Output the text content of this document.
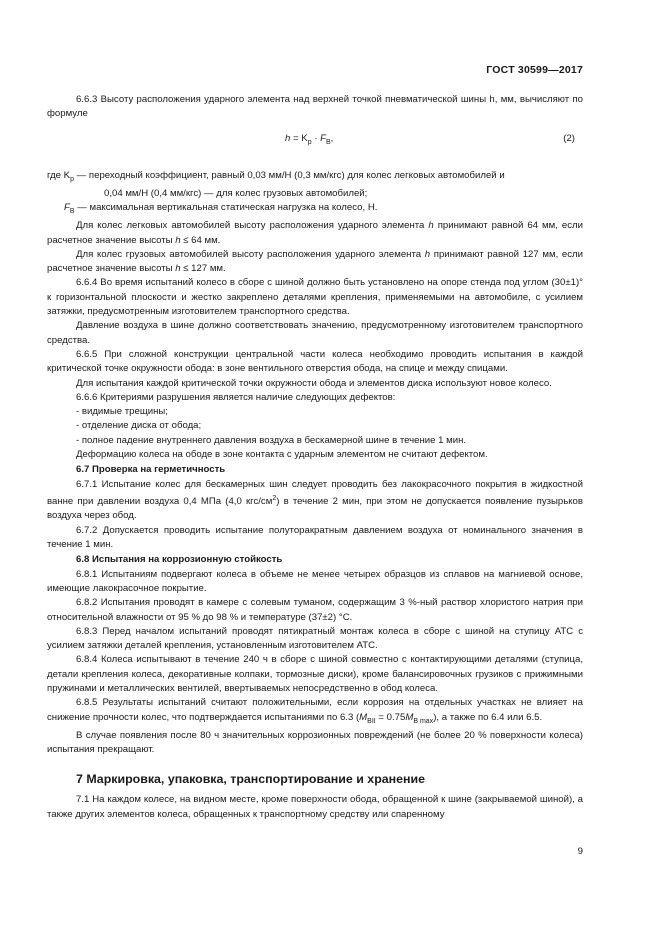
ГОСТ 30599—2017

6.6.3 Высоту расположения ударного элемента над верхней точкой пневматической шины h, мм, вычисляют по формуле

$h = K_р \cdot F_В$,	(2)

где $K_р$ — переходный коэффициент, равный 0,03 мм/Н (0,3 мм/кгс) для колес легковых автомобилей и

0,04 мм/Н (0,4 мм/кгс) — для колес грузовых автомобилей;

$F_В$ — максимальная вертикальная статическая нагрузка на колесо, Н.

Для колес легковых автомобилей высоту расположения ударного элемента h принимают равной 64 мм, если расчетное значение высоты h ≤ 64 мм.

Для колес грузовых автомобилей высоту расположения ударного элемента h принимают равной 127 мм, если расчетное значение высоты h ≤ 127 мм.

6.6.4 Во время испытаний колесо в сборе с шиной должно быть установлено на опоре стенда под углом (30±1)° к горизонтальной плоскости и жестко закреплено деталями крепления, применяемыми на автомобиле, с усилием затяжки, предусмотренным изготовителем транспортного средства.

Давление воздуха в шине должно соответствовать значению, предусмотренному изготовителем транспортного средства.

6.6.5 При сложной конструкции центральной части колеса необходимо проводить испытания в каждой критической точке окружности обода: в зоне вентильного отверстия обода, на спице и между спицами.

Для испытания каждой критической точки окружности обода и элементов диска используют новое колесо.

6.6.6 Критериями разрушения является наличие следующих дефектов:

- видимые трещины;

- отделение диска от обода;

- полное падение внутреннего давления воздуха в бескамерной шине в течение 1 мин.

Деформацию колеса на ободе в зоне контакта с ударным элементом не считают дефектом.

6.7 Проверка на герметичность

6.7.1 Испытание колес для бескамерных шин следует проводить без лакокрасочного покрытия в жидкостной ванне при давлении воздуха 0,4 МПа (4,0 кгс/$см^2$) в течение 2 мин, при этом не допускается появление пузырьков воздуха через обод.

6.7.2 Допускается проводить испытание полуторакратным давлением воздуха от номинального значения в течение 1 мин.

6.8 Испытания на коррозионную стойкость

6.8.1 Испытаниям подвергают колеса в объеме не менее четырех образцов из сплавов на магниевой основе, имеющие лакокрасочное покрытие.

6.8.2 Испытания проводят в камере с солевым туманом, содержащим 3 %-ный раствор хлористого натрия при относительной влажности от 95 % до 98 % и температуре (37±2) °С.

6.8.3 Перед началом испытаний проводят пятикратный монтаж колеса в сборе с шиной на ступицу АТС с усилием затяжки деталей крепления, установленным изготовителем АТС.

6.8.4 Колеса испытывают в течение 240 ч в сборе с шиной совместно с контактирующими деталями (ступица, детали крепления колеса, декоративные колпаки, тормозные диски), кроме балансировочных грузиков с прижимными пружинами и металлических вентилей, ввертываемых непосредственно в обод колеса.

6.8.5 Результаты испытаний считают положительными, если коррозия на отдельных участках не влияет на снижение прочности колес, что подтверждается испытаниями по 6.3 $(M_{BII} = 0.75M_{B max})$, а также по 6.4 или 6.5.

В случае появления после 80 ч значительных коррозионных повреждений (не более 20 % поверхности колеса) испытания прекращают.

7 Маркировка, упаковка, транспортирование и хранение

7.1 На каждом колесе, на видном месте, кроме поверхности обода, обращенной к шине (закрываемой шиной), а также других элементов колеса, обращенных к транспортному средству или спаренному

9
